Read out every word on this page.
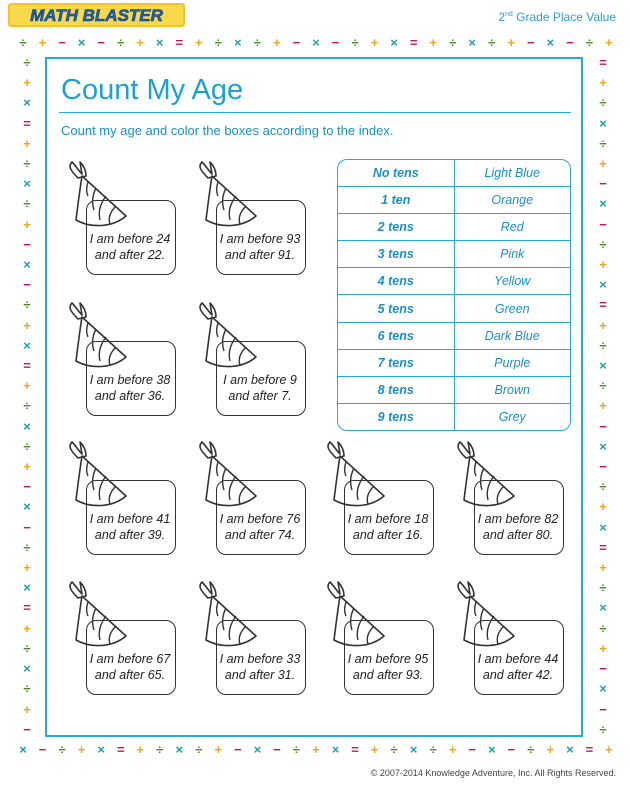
MATH BLASTER	2nd Grade Place Value
÷ + − × − ÷ + × = + ÷ × ÷ + − × − ÷ + × = + ÷ × ÷ + − × − ÷ +
× − ÷ + × = + ÷ × ÷ + − × − ÷ + × = + ÷ × ÷ + − × − ÷ + × = +
÷
+
×
=
+
÷
×
÷
+
−
×
−
÷
+
×
=
+
÷
×
÷
+
−
×
−
÷
+
×
=
+
÷
×
÷
+
−
=
+
÷
×
÷
+
−
×
−
÷
+
×
=
+
÷
×
÷
+
−
×
−
÷
+
×
=
+
÷
×
÷
+
−
×
−
÷
Count My Age
Count my age and color the boxes according to the index.
I am before 24
and after 22.
I am before 93
and after 91.
I am before 38
and after 36.
I am before 9
and after 7.
I am before 41
and after 39.
I am before 76
and after 74.
I am before 18
and after 16.
I am before 82
and after 80.
I am before 67
and after 65.
I am before 33
and after 31.
I am before 95
and after 93.
I am before 44
and after 42.
No tens	Light Blue
1 ten	Orange
2 tens	Red
3 tens	Pink
4 tens	Yellow
5 tens	Green
6 tens	Dark Blue
7 tens	Purple
8 tens	Brown
9 tens	Grey
© 2007-2014 Knowledge Adventure, Inc. All Rights Reserved.
